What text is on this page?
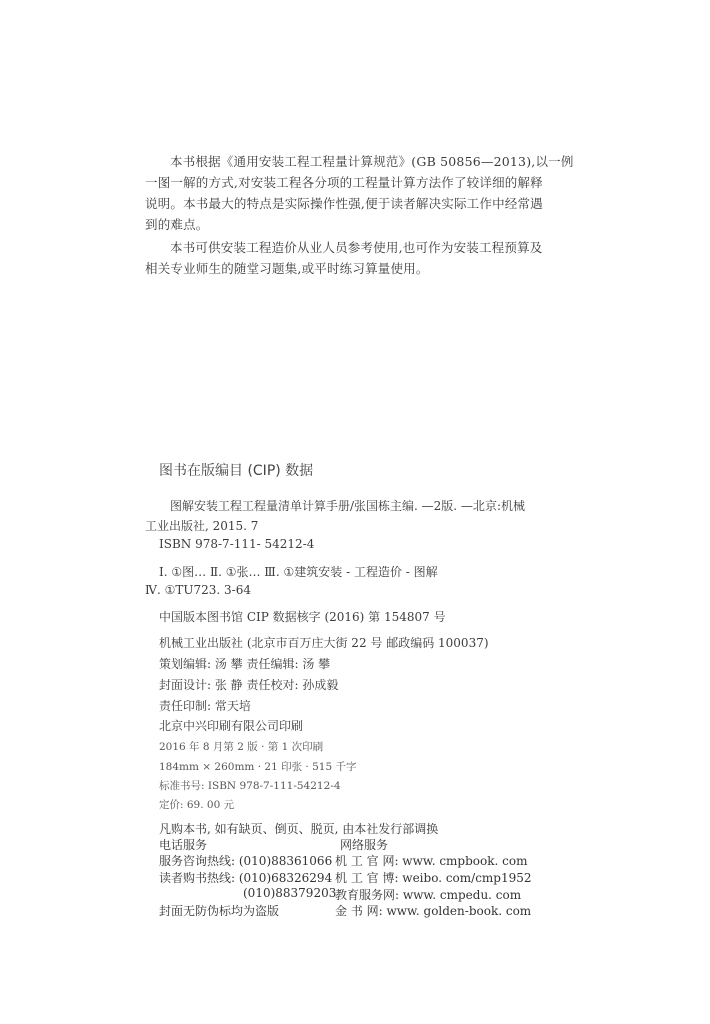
本书根据《通用安装工程工程量计算规范》(GB 50856—2013),以一例

一图一解的方式,对安装工程各分项的工程量计算方法作了较详细的解释

说明。本书最大的特点是实际操作性强,便于读者解决实际工作中经常遇

到的难点。

本书可供安装工程造价从业人员参考使用,也可作为安装工程预算及

相关专业师生的随堂习题集,或平时练习算量使用。

图书在版编目 (CIP) 数据
图解安装工程工程量清单计算手册/张国栋主编. —2版. —北京:机械
工业出版社, 2015. 7
ISBN 978-7-111- 54212-4
Ⅰ. ①图… Ⅱ. ①张… Ⅲ. ①建筑安装 - 工程造价 - 图解
Ⅳ. ①TU723. 3-64
中国版本图书馆 CIP 数据核字 (2016) 第 154807 号
机械工业出版社 (北京市百万庄大街 22 号 邮政编码 100037)
策划编辑: 汤 攀 责任编辑: 汤 攀
封面设计: 张 静 责任校对: 孙成毅
责任印制: 常天培
北京中兴印刷有限公司印刷
2016 年 8 月第 2 版 · 第 1 次印刷
184mm × 260mm · 21 印张 · 515 千字
标准书号: ISBN 978-7-111-54212-4
定价: 69. 00 元
凡购本书, 如有缺页、倒页、脱页, 由本社发行部调换
电话服务	网络服务
服务咨询热线: (010)88361066 机 工 官 网: www. cmpbook. com
读者购书热线: (010)68326294 机 工 官 博: weibo. com/cmp1952
(010)88379203
教育服务网: www. cmpedu. com
封面无防伪标均为盗版	金 书 网: www. golden-book. com
